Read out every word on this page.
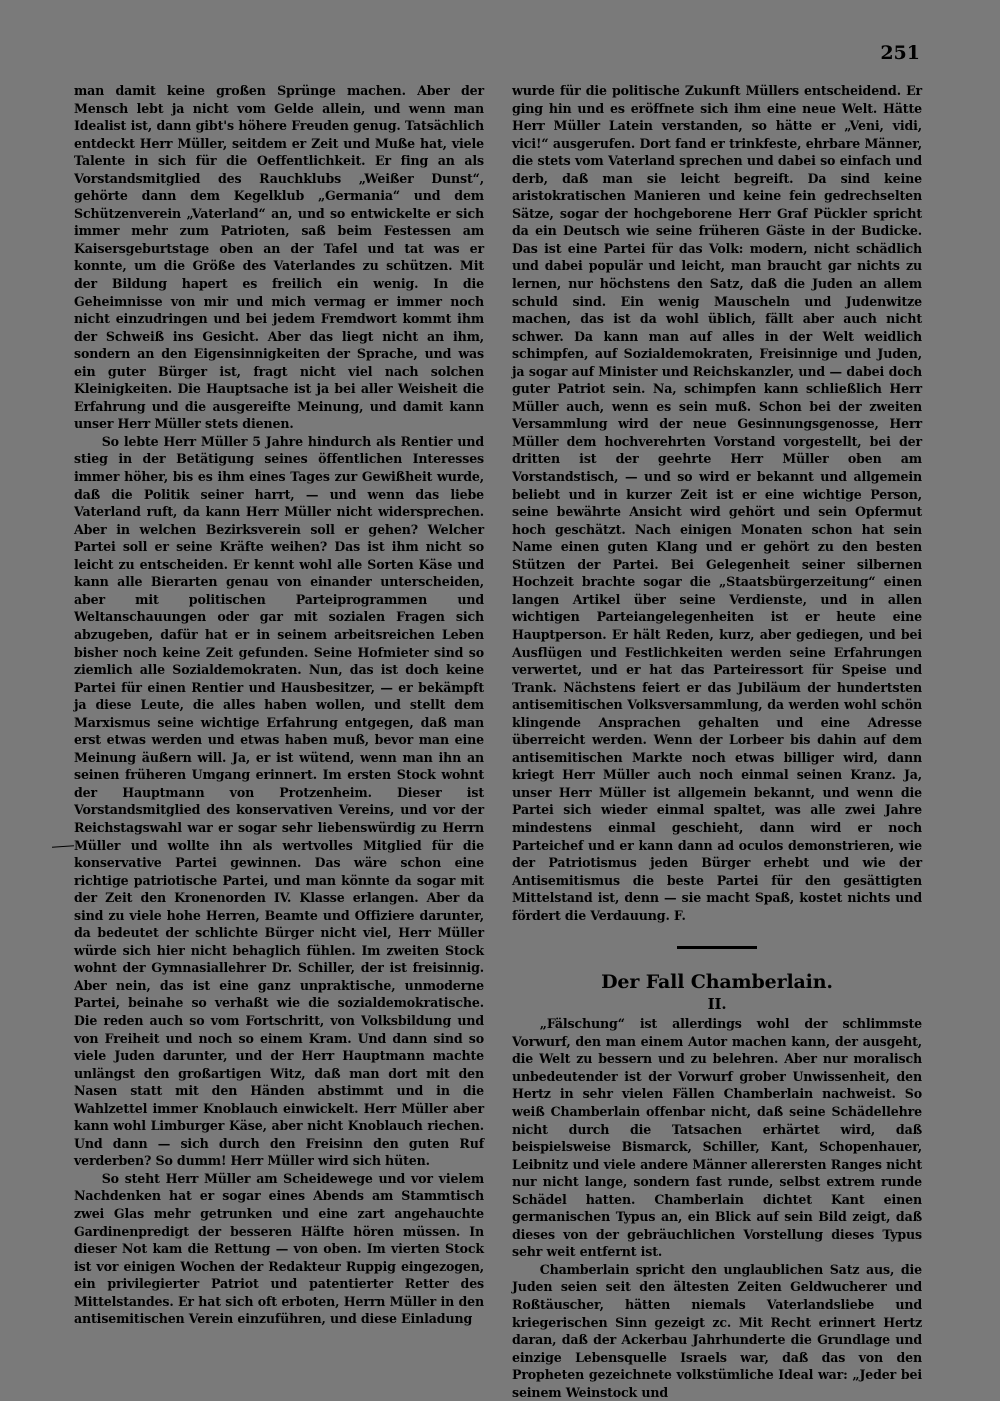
251

man damit keine großen Sprünge machen. Aber der Mensch lebt ja nicht vom Gelde allein, und wenn man Idealist ist, dann gibt's höhere Freuden genug. Tatsächlich entdeckt Herr Müller, seitdem er Zeit und Muße hat, viele Talente in sich für die Oeffentlichkeit. Er fing an als Vorstandsmitglied des Rauchklubs „Weißer Dunst“, gehörte dann dem Kegelklub „Germania“ und dem Schützenverein „Vaterland“ an, und so entwickelte er sich immer mehr zum Patrioten, saß beim Festessen am Kaisersgeburtstage oben an der Tafel und tat was er konnte, um die Größe des Vaterlandes zu schützen. Mit der Bildung hapert es freilich ein wenig. In die Geheimnisse von mir und mich vermag er immer noch nicht einzudringen und bei jedem Fremdwort kommt ihm der Schweiß ins Gesicht. Aber das liegt nicht an ihm, sondern an den Eigensinnigkeiten der Sprache, und was ein guter Bürger ist, fragt nicht viel nach solchen Kleinigkeiten. Die Hauptsache ist ja bei aller Weisheit die Erfahrung und die ausgereifte Meinung, und damit kann unser Herr Müller stets dienen.

So lebte Herr Müller 5 Jahre hindurch als Rentier und stieg in der Betätigung seines öffentlichen Interesses immer höher, bis es ihm eines Tages zur Gewißheit wurde, daß die Politik seiner harrt, — und wenn das liebe Vaterland ruft, da kann Herr Müller nicht widersprechen. Aber in welchen Bezirksverein soll er gehen? Welcher Partei soll er seine Kräfte weihen? Das ist ihm nicht so leicht zu entscheiden. Er kennt wohl alle Sorten Käse und kann alle Bierarten genau von einander unterscheiden, aber mit politischen Parteiprogrammen und Weltanschauungen oder gar mit sozialen Fragen sich abzugeben, dafür hat er in seinem arbeitsreichen Leben bisher noch keine Zeit gefunden. Seine Hofmieter sind so ziemlich alle Sozialdemokraten. Nun, das ist doch keine Partei für einen Rentier und Hausbesitzer, — er bekämpft ja diese Leute, die alles haben wollen, und stellt dem Marxismus seine wichtige Erfahrung entgegen, daß man erst etwas werden und etwas haben muß, bevor man eine Meinung äußern will. Ja, er ist wütend, wenn man ihn an seinen früheren Umgang erinnert. Im ersten Stock wohnt der Hauptmann von Protzenheim. Dieser ist Vorstandsmitglied des konservativen Vereins, und vor der Reichstagswahl war er sogar sehr liebenswürdig zu Herrn Müller und wollte ihn als wertvolles Mitglied für die konservative Partei gewinnen. Das wäre schon eine richtige patriotische Partei, und man könnte da sogar mit der Zeit den Kronenorden IV. Klasse erlangen. Aber da sind zu viele hohe Herren, Beamte und Offiziere darunter, da bedeutet der schlichte Bürger nicht viel, Herr Müller würde sich hier nicht behaglich fühlen. Im zweiten Stock wohnt der Gymnasiallehrer Dr. Schiller, der ist freisinnig. Aber nein, das ist eine ganz unpraktische, unmoderne Partei, beinahe so verhaßt wie die sozialdemokratische. Die reden auch so vom Fortschritt, von Volksbildung und von Freiheit und noch so einem Kram. Und dann sind so viele Juden darunter, und der Herr Hauptmann machte unlängst den großartigen Witz, daß man dort mit den Nasen statt mit den Händen abstimmt und in die Wahlzettel immer Knoblauch einwickelt. Herr Müller aber kann wohl Limburger Käse, aber nicht Knoblauch riechen. Und dann — sich durch den Freisinn den guten Ruf verderben? So dumm! Herr Müller wird sich hüten.

So steht Herr Müller am Scheidewege und vor vielem Nachdenken hat er sogar eines Abends am Stammtisch zwei Glas mehr getrunken und eine zart angehauchte Gardinenpredigt der besseren Hälfte hören müssen. In dieser Not kam die Rettung — von oben. Im vierten Stock ist vor einigen Wochen der Redakteur Ruppig eingezogen, ein privilegierter Patriot und patentierter Retter des Mittelstandes. Er hat sich oft erboten, Herrn Müller in den antisemitischen Verein einzuführen, und diese Einladung

wurde für die politische Zukunft Müllers entscheidend. Er ging hin und es eröffnete sich ihm eine neue Welt. Hätte Herr Müller Latein verstanden, so hätte er „Veni, vidi, vici!“ ausgerufen. Dort fand er trinkfeste, ehrbare Männer, die stets vom Vaterland sprechen und dabei so einfach und derb, daß man sie leicht begreift. Da sind keine aristokratischen Manieren und keine fein gedrechselten Sätze, sogar der hochgeborene Herr Graf Pückler spricht da ein Deutsch wie seine früheren Gäste in der Budicke. Das ist eine Partei für das Volk: modern, nicht schädlich und dabei populär und leicht, man braucht gar nichts zu lernen, nur höchstens den Satz, daß die Juden an allem schuld sind. Ein wenig Mauscheln und Judenwitze machen, das ist da wohl üblich, fällt aber auch nicht schwer. Da kann man auf alles in der Welt weidlich schimpfen, auf Sozialdemokraten, Freisinnige und Juden, ja sogar auf Minister und Reichskanzler, und — dabei doch guter Patriot sein. Na, schimpfen kann schließlich Herr Müller auch, wenn es sein muß. Schon bei der zweiten Versammlung wird der neue Gesinnungsgenosse, Herr Müller dem hochverehrten Vorstand vorgestellt, bei der dritten ist der geehrte Herr Müller oben am Vorstandstisch, — und so wird er bekannt und allgemein beliebt und in kurzer Zeit ist er eine wichtige Person, seine bewährte Ansicht wird gehört und sein Opfermut hoch geschätzt. Nach einigen Monaten schon hat sein Name einen guten Klang und er gehört zu den besten Stützen der Partei. Bei Gelegenheit seiner silbernen Hochzeit brachte sogar die „Staatsbürgerzeitung“ einen langen Artikel über seine Verdienste, und in allen wichtigen Parteiangelegenheiten ist er heute eine Hauptperson. Er hält Reden, kurz, aber gediegen, und bei Ausflügen und Festlichkeiten werden seine Erfahrungen verwertet, und er hat das Parteiressort für Speise und Trank. Nächstens feiert er das Jubiläum der hundertsten antisemitischen Volksversammlung, da werden wohl schön klingende Ansprachen gehalten und eine Adresse überreicht werden. Wenn der Lorbeer bis dahin auf dem antisemitischen Markte noch etwas billiger wird, dann kriegt Herr Müller auch noch einmal seinen Kranz. Ja, unser Herr Müller ist allgemein bekannt, und wenn die Partei sich wieder einmal spaltet, was alle zwei Jahre mindestens einmal geschieht, dann wird er noch Parteichef und er kann dann ad oculos demonstrieren, wie der Patriotismus jeden Bürger erhebt und wie der Antisemitismus die beste Partei für den gesättigten Mittelstand ist, denn — sie macht Spaß, kostet nichts und fördert die Verdauung. F.

Der Fall Chamberlain.
II.

„Fälschung“ ist allerdings wohl der schlimmste Vorwurf, den man einem Autor machen kann, der ausgeht, die Welt zu bessern und zu belehren. Aber nur moralisch unbedeutender ist der Vorwurf grober Unwissenheit, den Hertz in sehr vielen Fällen Chamberlain nachweist. So weiß Chamberlain offenbar nicht, daß seine Schädellehre nicht durch die Tatsachen erhärtet wird, daß beispielsweise Bismarck, Schiller, Kant, Schopenhauer, Leibnitz und viele andere Männer allerersten Ranges nicht nur nicht lange, sondern fast runde, selbst extrem runde Schädel hatten. Chamberlain dichtet Kant einen germanischen Typus an, ein Blick auf sein Bild zeigt, daß dieses von der gebräuchlichen Vorstellung dieses Typus sehr weit entfernt ist.

Chamberlain spricht den unglaublichen Satz aus, die Juden seien seit den ältesten Zeiten Geldwucherer und Roßtäuscher, hätten niemals Vaterlandsliebe und kriegerischen Sinn gezeigt zc. Mit Recht erinnert Hertz daran, daß der Ackerbau Jahrhunderte die Grundlage und einzige Lebensquelle Israels war, daß das von den Propheten gezeichnete volkstümliche Ideal war: „Jeder bei seinem Weinstock und
